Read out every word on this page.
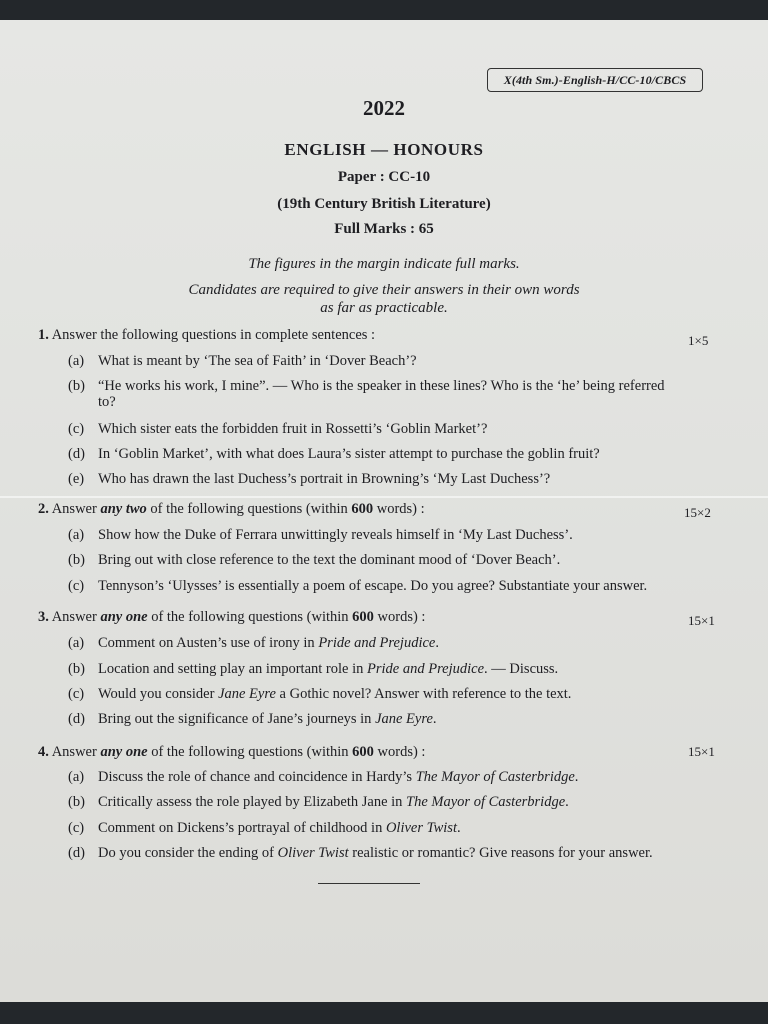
X(4th Sm.)-English-H/CC-10/CBCS
2022
ENGLISH — HONOURS
Paper : CC-10
(19th Century British Literature)
Full Marks : 65
The figures in the margin indicate full marks.
Candidates are required to give their answers in their own words
as far as practicable.
1. Answer the following questions in complete sentences :	1×5
(a) What is meant by ‘The sea of Faith’ in ‘Dover Beach’?
(b) “He works his work, I mine”. — Who is the speaker in these lines? Who is the ‘he’ being referred
to?
(c) Which sister eats the forbidden fruit in Rossetti’s ‘Goblin Market’?
(d) In ‘Goblin Market’, with what does Laura’s sister attempt to purchase the goblin fruit?
(e) Who has drawn the last Duchess’s portrait in Browning’s ‘My Last Duchess’?
2. Answer any two of the following questions (within 600 words) :	15×2
(a) Show how the Duke of Ferrara unwittingly reveals himself in ‘My Last Duchess’.
(b) Bring out with close reference to the text the dominant mood of ‘Dover Beach’.
(c) Tennyson’s ‘Ulysses’ is essentially a poem of escape. Do you agree? Substantiate your answer.
3. Answer any one of the following questions (within 600 words) :	15×1
(a) Comment on Austen’s use of irony in Pride and Prejudice.
(b) Location and setting play an important role in Pride and Prejudice. — Discuss.
(c) Would you consider Jane Eyre a Gothic novel? Answer with reference to the text.
(d) Bring out the significance of Jane’s journeys in Jane Eyre.
4. Answer any one of the following questions (within 600 words) :	15×1
(a) Discuss the role of chance and coincidence in Hardy’s The Mayor of Casterbridge.
(b) Critically assess the role played by Elizabeth Jane in The Mayor of Casterbridge.
(c) Comment on Dickens’s portrayal of childhood in Oliver Twist.
(d) Do you consider the ending of Oliver Twist realistic or romantic? Give reasons for your answer.
